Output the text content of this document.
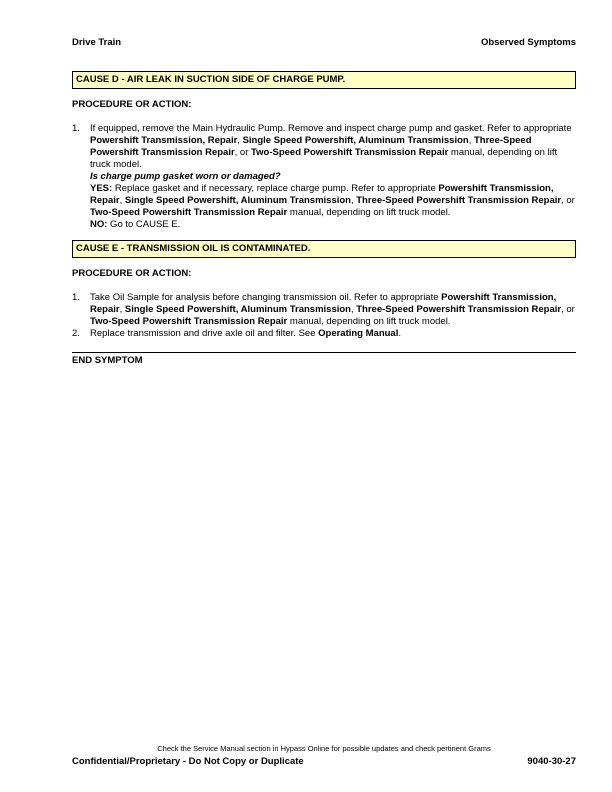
Drive Train	Observed Symptoms
CAUSE D - AIR LEAK IN SUCTION SIDE OF CHARGE PUMP.
PROCEDURE OR ACTION:
1. If equipped, remove the Main Hydraulic Pump. Remove and inspect charge pump and gasket. Refer to appropriate Powershift Transmission, Repair, Single Speed Powershift, Aluminum Transmission, Three-Speed Powershift Transmission Repair, or Two-Speed Powershift Transmission Repair manual, depending on lift truck model.
Is charge pump gasket worn or damaged?
YES: Replace gasket and if necessary, replace charge pump. Refer to appropriate Powershift Transmission, Repair, Single Speed Powershift, Aluminum Transmission, Three-Speed Powershift Transmission Repair, or Two-Speed Powershift Transmission Repair manual, depending on lift truck model.
NO: Go to CAUSE E.
CAUSE E - TRANSMISSION OIL IS CONTAMINATED.
PROCEDURE OR ACTION:
1. Take Oil Sample for analysis before changing transmission oil. Refer to appropriate Powershift Transmission, Repair, Single Speed Powershift, Aluminum Transmission, Three-Speed Powershift Transmission Repair, or Two-Speed Powershift Transmission Repair manual, depending on lift truck model.
2. Replace transmission and drive axle oil and filter. See Operating Manual.
END SYMPTOM
Check the Service Manual section in Hypass Online for possible updates and check pertinent Grams
Confidential/Proprietary - Do Not Copy or Duplicate	9040-30-27
